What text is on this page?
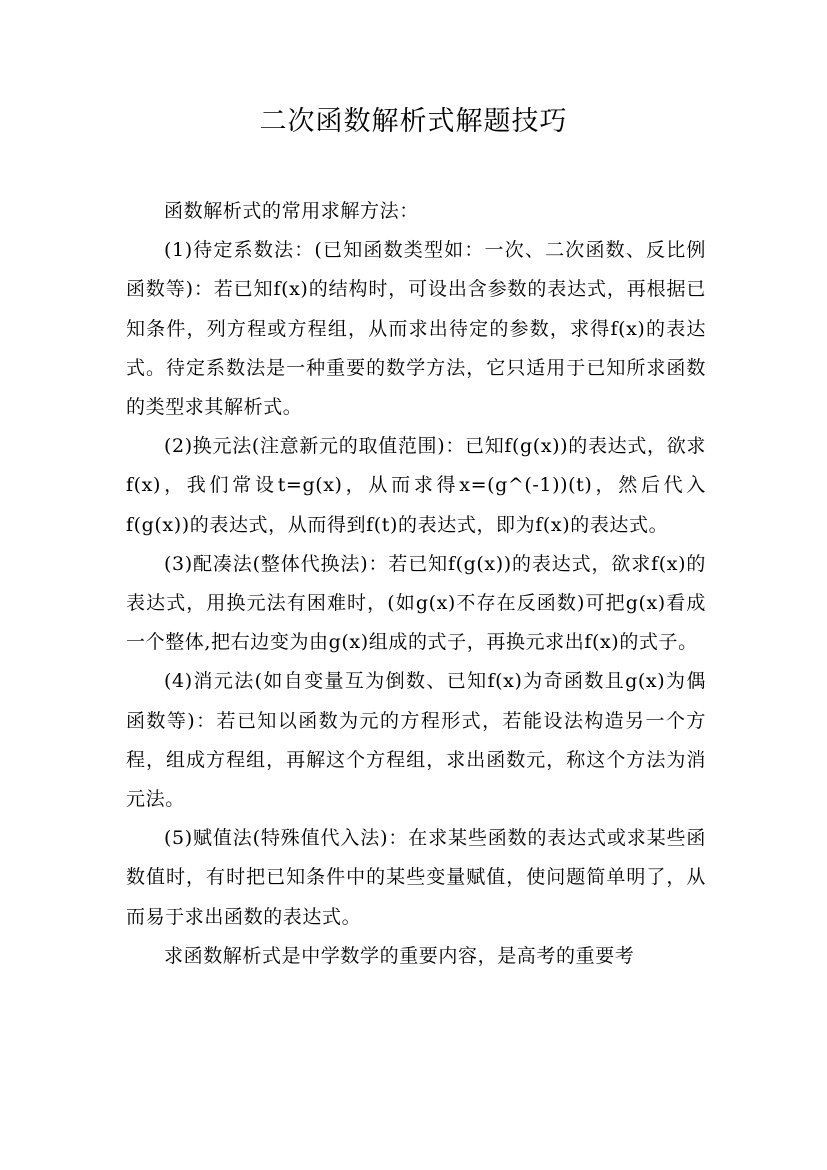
二次函数解析式解题技巧

函数解析式的常用求解方法：

(1)待定系数法：(已知函数类型如：一次、二次函数、反比例函数等)：若已知f(x)的结构时，可设出含参数的表达式，再根据已知条件，列方程或方程组，从而求出待定的参数，求得f(x)的表达式。待定系数法是一种重要的数学方法，它只适用于已知所求函数的类型求其解析式。

(2)换元法(注意新元的取值范围)：已知f(g(x))的表达式，欲求f(x)，我们常设t=g(x)，从而求得x=(g^(-1))(t)，然后代入f(g(x))的表达式，从而得到f(t)的表达式，即为f(x)的表达式。

(3)配凑法(整体代换法)：若已知f(g(x))的表达式，欲求f(x)的表达式，用换元法有困难时，(如g(x)不存在反函数)可把g(x)看成一个整体,把右边变为由g(x)组成的式子，再换元求出f(x)的式子。

(4)消元法(如自变量互为倒数、已知f(x)为奇函数且g(x)为偶函数等)：若已知以函数为元的方程形式，若能设法构造另一个方程，组成方程组，再解这个方程组，求出函数元，称这个方法为消元法。

(5)赋值法(特殊值代入法)：在求某些函数的表达式或求某些函数值时，有时把已知条件中的某些变量赋值，使问题简单明了，从而易于求出函数的表达式。

求函数解析式是中学数学的重要内容，是高考的重要考
